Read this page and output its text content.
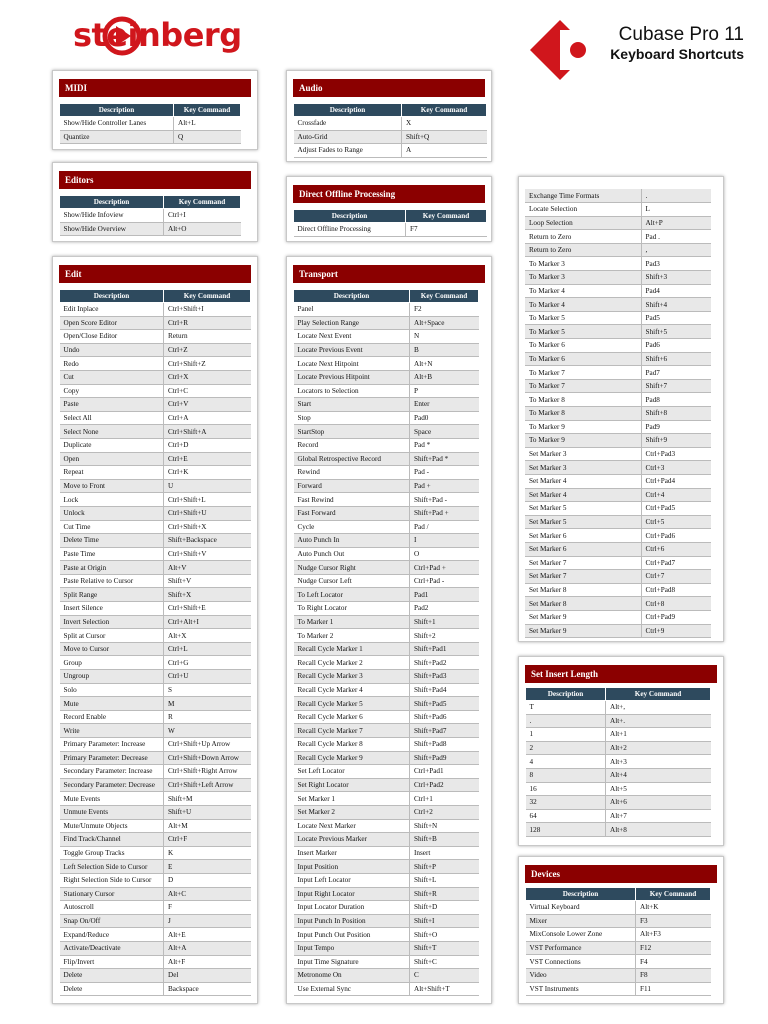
steinberg	Cubase Pro 11
Keyboard Shortcuts
MIDI
Description	Key Command
Show/Hide Controller Lanes	Alt+L
Quantize	Q
Editors
Description	Key Command
Show/Hide Infoview	Ctrl+I
Show/Hide Overview	Alt+O
Edit
Description	Key Command
Edit Inplace	Ctrl+Shift+I
Open Score Editor	Ctrl+R
Open/Close Editor	Return
Undo	Ctrl+Z
Redo	Ctrl+Shift+Z
Cut	Ctrl+X
Copy	Ctrl+C
Paste	Ctrl+V
Select All	Ctrl+A
Select None	Ctrl+Shift+A
Duplicate	Ctrl+D
Open	Ctrl+E
Repeat	Ctrl+K
Move to Front	U
Lock	Ctrl+Shift+L
Unlock	Ctrl+Shift+U
Cut Time	Ctrl+Shift+X
Delete Time	Shift+Backspace
Paste Time	Ctrl+Shift+V
Paste at Origin	Alt+V
Paste Relative to Cursor	Shift+V
Split Range	Shift+X
Insert Silence	Ctrl+Shift+E
Invert Selection	Ctrl+Alt+I
Split at Cursor	Alt+X
Move to Cursor	Ctrl+L
Group	Ctrl+G
Ungroup	Ctrl+U
Solo	S
Mute	M
Record Enable	R
Write	W
Primary Parameter: Increase	Ctrl+Shift+Up Arrow
Primary Parameter: Decrease	Ctrl+Shift+Down Arrow
Secondary Parameter: Increase	Ctrl+Shift+Right Arrow
Secondary Parameter: Decrease	Ctrl+Shift+Left Arrow
Mute Events	Shift+M
Unmute Events	Shift+U
Mute/Unmute Objects	Alt+M
Find Track/Channel	Ctrl+F
Toggle Group Tracks	K
Left Selection Side to Cursor	E
Right Selection Side to Cursor	D
Stationary Cursor	Alt+C
Autoscroll	F
Snap On/Off	J
Expand/Reduce	Alt+E
Activate/Deactivate	Alt+A
Flip/Invert	Alt+F
Delete	Del
Delete	Backspace
Audio
Description	Key Command
Crossfade	X
Auto-Grid	Shift+Q
Adjust Fades to Range	A
Direct Offline Processing
Description	Key Command
Direct Offline Processing	F7
Transport
Description	Key Command
Panel	F2
Play Selection Range	Alt+Space
Locate Next Event	N
Locate Previous Event	B
Locate Next Hitpoint	Alt+N
Locate Previous Hitpoint	Alt+B
Locators to Selection	P
Start	Enter
Stop	Pad0
StartStop	Space
Record	Pad *
Global Retrospective Record	Shift+Pad *
Rewind	Pad -
Forward	Pad +
Fast Rewind	Shift+Pad -
Fast Forward	Shift+Pad +
Cycle	Pad /
Auto Punch In	I
Auto Punch Out	O
Nudge Cursor Right	Ctrl+Pad +
Nudge Cursor Left	Ctrl+Pad -
To Left Locator	Pad1
To Right Locator	Pad2
To Marker 1	Shift+1
To Marker 2	Shift+2
Recall Cycle Marker 1	Shift+Pad1
Recall Cycle Marker 2	Shift+Pad2
Recall Cycle Marker 3	Shift+Pad3
Recall Cycle Marker 4	Shift+Pad4
Recall Cycle Marker 5	Shift+Pad5
Recall Cycle Marker 6	Shift+Pad6
Recall Cycle Marker 7	Shift+Pad7
Recall Cycle Marker 8	Shift+Pad8
Recall Cycle Marker 9	Shift+Pad9
Set Left Locator	Ctrl+Pad1
Set Right Locator	Ctrl+Pad2
Set Marker 1	Ctrl+1
Set Marker 2	Ctrl+2
Locate Next Marker	Shift+N
Locate Previous Marker	Shift+B
Insert Marker	Insert
Input Position	Shift+P
Input Left Locator	Shift+L
Input Right Locator	Shift+R
Input Locator Duration	Shift+D
Input Punch In Position	Shift+I
Input Punch Out Position	Shift+O
Input Tempo	Shift+T
Input Time Signature	Shift+C
Metronome On	C
Use External Sync	Alt+Shift+T
Exchange Time Formats	.
Locate Selection	L
Loop Selection	Alt+P
Return to Zero	Pad .
Return to Zero	,
To Marker 3	Pad3
To Marker 3	Shift+3
To Marker 4	Pad4
To Marker 4	Shift+4
To Marker 5	Pad5
To Marker 5	Shift+5
To Marker 6	Pad6
To Marker 6	Shift+6
To Marker 7	Pad7
To Marker 7	Shift+7
To Marker 8	Pad8
To Marker 8	Shift+8
To Marker 9	Pad9
To Marker 9	Shift+9
Set Marker 3	Ctrl+Pad3
Set Marker 3	Ctrl+3
Set Marker 4	Ctrl+Pad4
Set Marker 4	Ctrl+4
Set Marker 5	Ctrl+Pad5
Set Marker 5	Ctrl+5
Set Marker 6	Ctrl+Pad6
Set Marker 6	Ctrl+6
Set Marker 7	Ctrl+Pad7
Set Marker 7	Ctrl+7
Set Marker 8	Ctrl+Pad8
Set Marker 8	Ctrl+8
Set Marker 9	Ctrl+Pad9
Set Marker 9	Ctrl+9
Set Insert Length
Description	Key Command
T	Alt+,
.	Alt+.
1	Alt+1
2	Alt+2
4	Alt+3
8	Alt+4
16	Alt+5
32	Alt+6
64	Alt+7
128	Alt+8
Devices
Description	Key Command
Virtual Keyboard	Alt+K
Mixer	F3
MixConsole Lower Zone	Alt+F3
VST Performance	F12
VST Connections	F4
Video	F8
VST Instruments	F11
